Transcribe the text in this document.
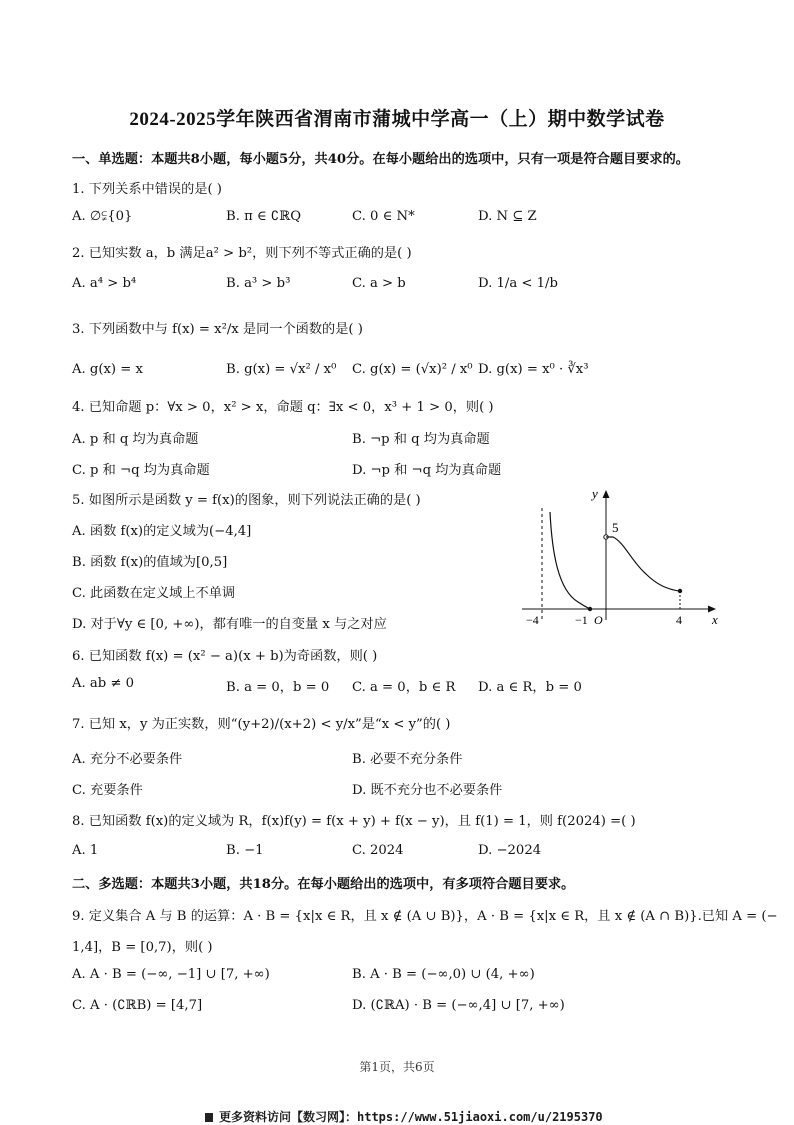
2024-2025学年陕西省渭南市蒲城中学高一（上）期中数学试卷
一、单选题：本题共8小题，每小题5分，共40分。在每小题给出的选项中，只有一项是符合题目要求的。
1. 下列关系中错误的是( )
A. ∅⫋{0}	B. π ∈ ∁ℝQ	C. 0 ∈ N*	D. N ⊆ Z
2. 已知实数 a，b 满足a² > b²，则下列不等式正确的是( )
A. a⁴ > b⁴	B. a³ > b³	C. a > b	D. 1/a < 1/b
3. 下列函数中与 f(x) = x²/x 是同一个函数的是( )
A. g(x) = x	B. g(x) = √x² / x⁰ C. g(x) = (√x)² / x⁰ D. g(x) = x⁰ · ∛x³
4. 已知命题 p：∀x > 0，x² > x，命题 q：∃x < 0，x³ + 1 > 0，则( )
A. p 和 q 均为真命题	B. ¬p 和 q 均为真命题
C. p 和 ¬q 均为真命题	D. ¬p 和 ¬q 均为真命题
5. 如图所示是函数 y = f(x)的图象，则下列说法正确的是( )
A. 函数 f(x)的定义域为(−4,4]
B. 函数 f(x)的值域为[0,5]
C. 此函数在定义域上不单调
D. 对于∀y ∈ [0, +∞)，都有唯一的自变量 x 与之对应
y
5
x
−4	−1 O	4
6. 已知函数 f(x) = (x² − a)(x + b)为奇函数，则( )
A. ab ≠ 0	B. a = 0，b = 0 C. a = 0，b ∈ R D. a ∈ R，b = 0
7. 已知 x，y 为正实数，则“(y+2)/(x+2) < y/x”是“x < y”的( )
A. 充分不必要条件	B. 必要不充分条件
C. 充要条件	D. 既不充分也不必要条件
8. 已知函数 f(x)的定义域为 R，f(x)f(y) = f(x + y) + f(x − y)，且 f(1) = 1，则 f(2024) =( )
A. 1	B. −1	C. 2024	D. −2024
二、多选题：本题共3小题，共18分。在每小题给出的选项中，有多项符合题目要求。
9. 定义集合 A 与 B 的运算：A · B = {x|x ∈ R，且 x ∉ (A ∪ B)}，A · B = {x|x ∈ R，且 x ∉ (A ∩ B)}.已知 A = (−
1,4]，B = [0,7)，则( )
A. A · B = (−∞, −1] ∪ [7, +∞)	B. A · B = (−∞,0) ∪ (4, +∞)
C. A · (∁ℝB) = [4,7]	D. (∁ℝA) · B = (−∞,4] ∪ [7, +∞)
第1页，共6页
更多资料访问【数习网】：https://www.51jiaoxi.com/u/2195370
